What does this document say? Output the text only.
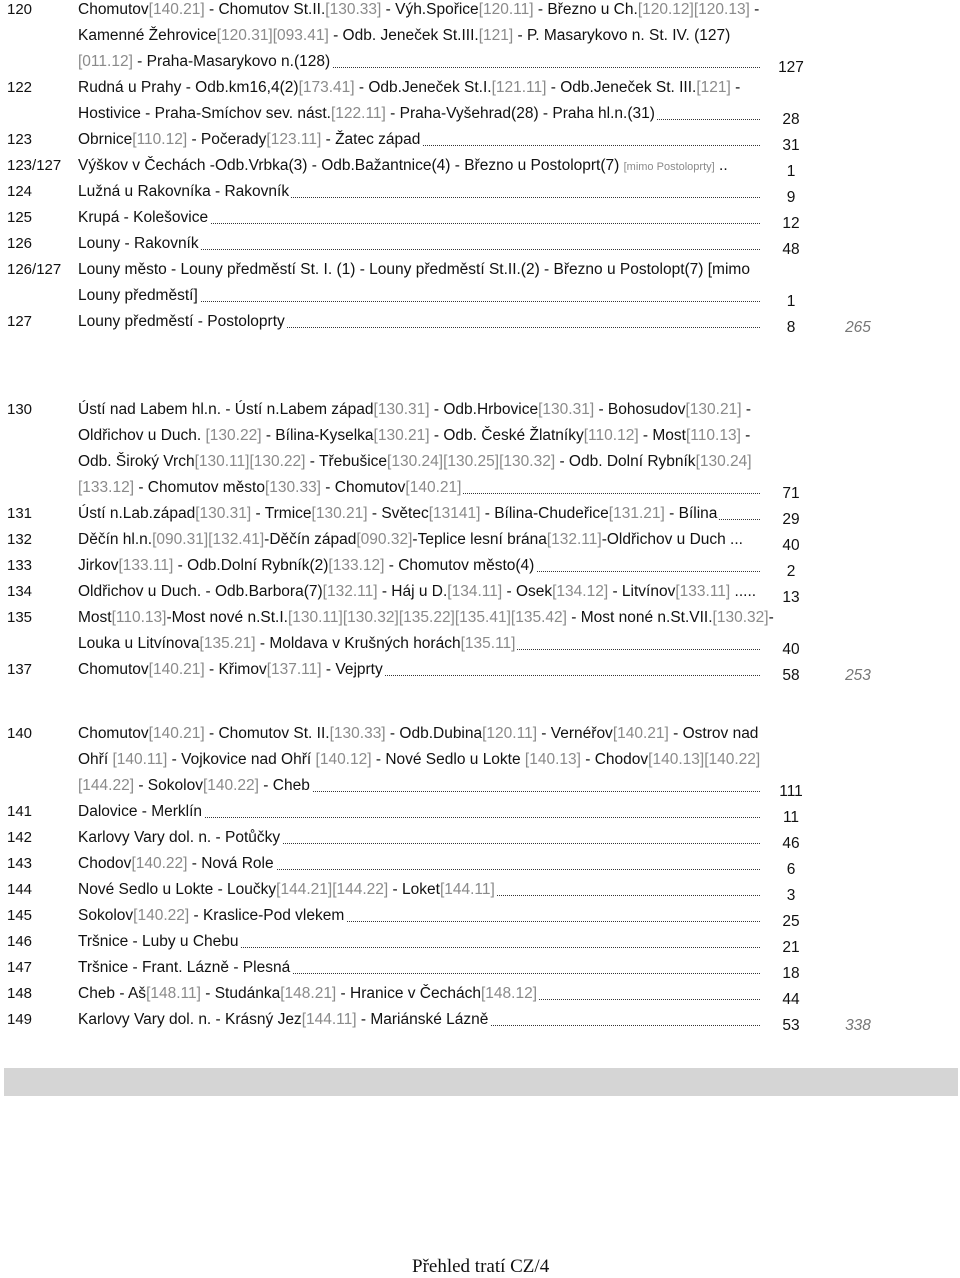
120	Chomutov[140.21] - Chomutov St.II.[130.33] - Výh.Spořice[120.11] - Březno u Ch.[120.12][120.13] -
Kamenné Žehrovice[120.31][093.41] - Odb. Jeneček St.III.[121] - P. Masarykovo n. St. IV. (127)
[011.12] - Praha-Masarykovo n.(128)	127
122	Rudná u Prahy - Odb.km16,4(2)[173.41] - Odb.Jeneček St.I.[121.11] - Odb.Jeneček St. III.[121] -
Hostivice - Praha-Smíchov sev. nást.[122.11] - Praha-Vyšehrad(28) - Praha hl.n.(31)	28
123	Obrnice[110.12] - Počerady[123.11] - Žatec západ	31
123/127 Výškov v Čechách -Odb.Vrbka(3) - Odb.Bažantnice(4) - Březno u Postoloprt(7) [mimo Postoloprty] ..	1
124	Lužná u Rakovníka - Rakovník	9
125	Krupá - Kolešovice	12
126	Louny - Rakovník	48
126/127 Louny město - Louny předměstí St. I. (1) - Louny předměstí St.II.(2) - Březno u Postolopt(7) [mimo
Louny předměstí]	1
127	Louny předměstí - Postoloprty	8	265
130	Ústí nad Labem hl.n. - Ústí n.Labem západ[130.31] - Odb.Hrbovice[130.31] - Bohosudov[130.21] -
Oldřichov u Duch. [130.22] - Bílina-Kyselka[130.21] - Odb. České Žlatníky[110.12] - Most[110.13] -
Odb. Široký Vrch[130.11][130.22] - Třebušice[130.24][130.25][130.32] - Odb. Dolní Rybník[130.24]
[133.12] - Chomutov město[130.33] - Chomutov[140.21]	71
131	Ústí n.Lab.západ[130.31] - Trmice[130.21] - Světec[13141] - Bílina-Chudeřice[131.21] - Bílina	29
132	Děčín hl.n.[090.31][132.41]-Děčín západ[090.32]-Teplice lesní brána[132.11]-Oldřichov u Duch ...	40
133	Jirkov[133.11] - Odb.Dolní Rybník(2)[133.12] - Chomutov město(4)	2
134	Oldřichov u Duch. - Odb.Barbora(7)[132.11] - Háj u D.[134.11] - Osek[134.12] - Litvínov[133.11] .....	13
135	Most[110.13]-Most nové n.St.I.[130.11][130.32][135.22][135.41][135.42] - Most noné n.St.VII.[130.32]-
Louka u Litvínova[135.21] - Moldava v Krušných horách[135.11]	40
137	Chomutov[140.21] - Křimov[137.11] - Vejprty	58	253
140	Chomutov[140.21] - Chomutov St. II.[130.33] - Odb.Dubina[120.11] - Vernéřov[140.21] - Ostrov nad
Ohří [140.11] - Vojkovice nad Ohří [140.12] - Nové Sedlo u Lokte [140.13] - Chodov[140.13][140.22]
[144.22] - Sokolov[140.22] - Cheb	111
141	Dalovice - Merklín	11
142	Karlovy Vary dol. n. - Potůčky	46
143	Chodov[140.22] - Nová Role	6
144	Nové Sedlo u Lokte - Loučky[144.21][144.22] - Loket[144.11]	3
145	Sokolov[140.22] - Kraslice-Pod vlekem	25
146	Tršnice - Luby u Chebu	21
147	Tršnice - Frant. Lázně - Plesná	18
148	Cheb - Aš[148.11] - Studánka[148.21] - Hranice v Čechách[148.12]	44
149	Karlovy Vary dol. n. - Krásný Jez[144.11] - Mariánské Lázně	53	338
Přehled tratí CZ/4
